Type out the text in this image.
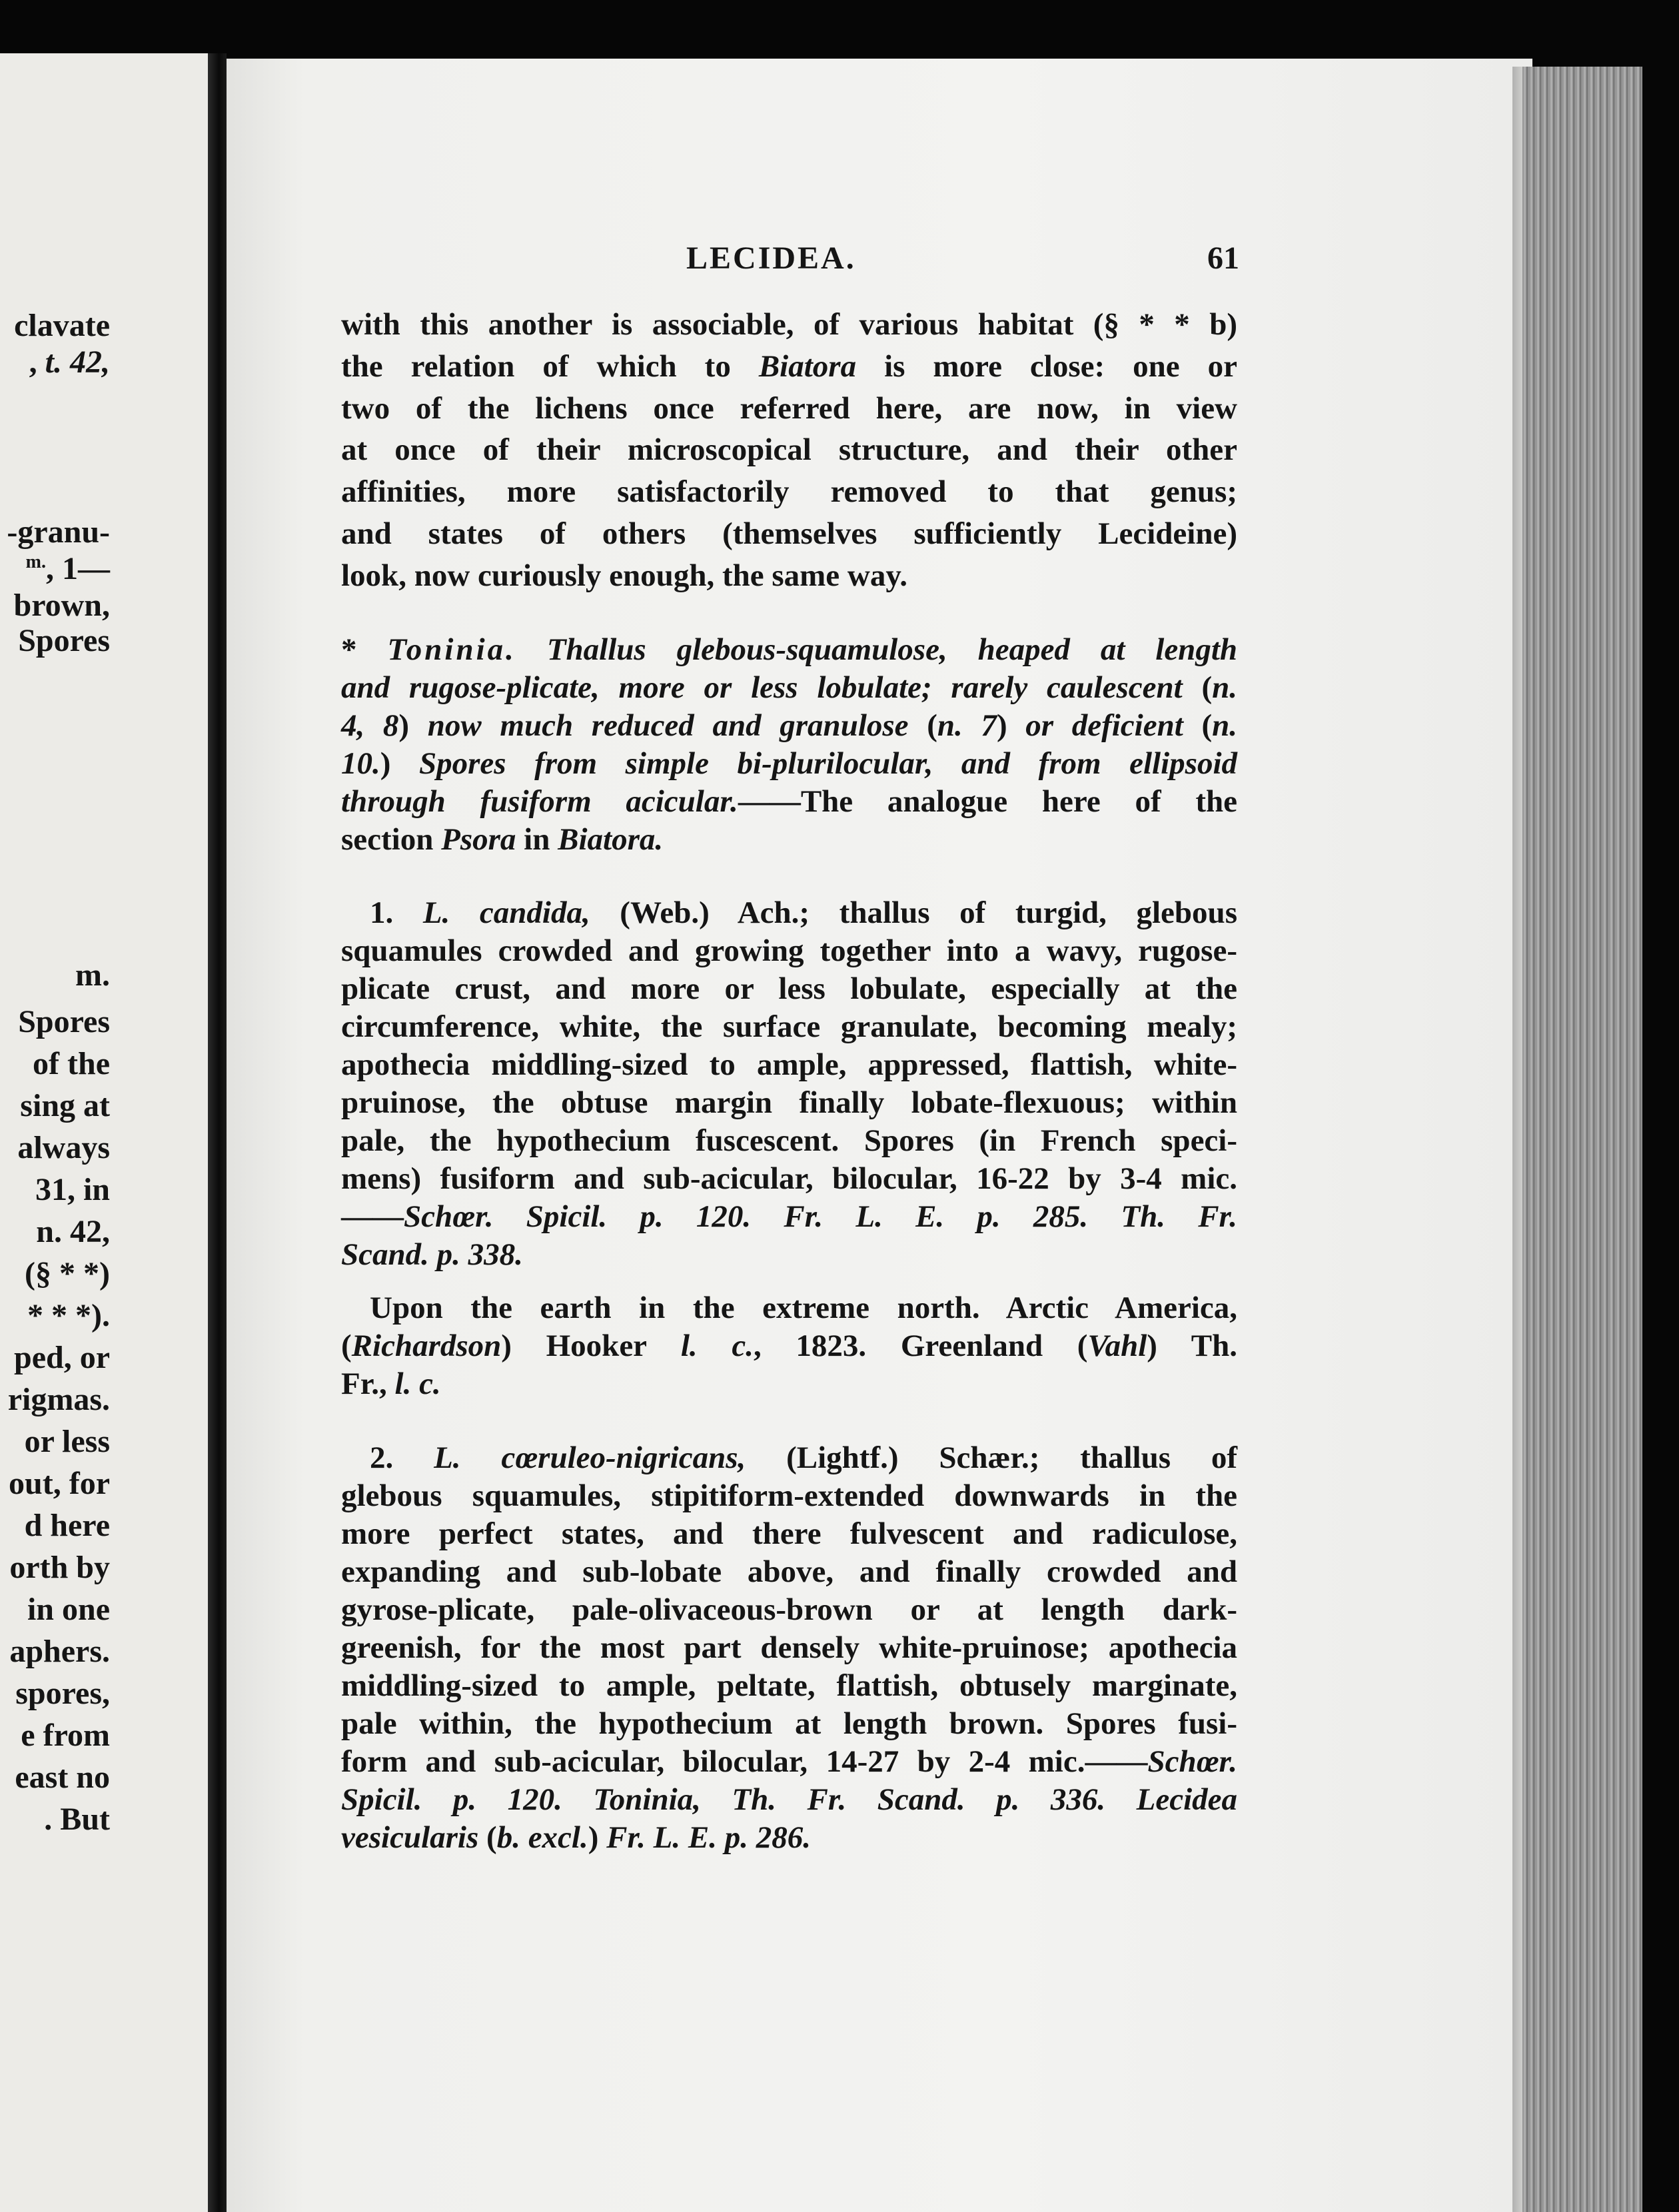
clavate
, t. 42,
-granu-
$^{m.}$, 1—
brown,
Spores
m.
Spores
of the
sing at
always
31, in
n. 42,
(§ * *)
* * *).
ped, or
rigmas.
or less
out, for
d here
orth by
in one
aphers.
spores,
e from
east no
. But
LECIDEA.	61
with this another is associable, of various habitat (§ * * b)
the relation of which to Biatora is more close: one or
two of the lichens once referred here, are now, in view
at once of their microscopical structure, and their other
affinities, more satisfactorily removed to that genus;
and states of others (themselves sufficiently Lecideine)
look, now curiously enough, the same way.
* Toninia. Thallus glebous-squamulose, heaped at length
and rugose-plicate, more or less lobulate; rarely caulescent (n.
4, 8) now much reduced and granulose (n. 7) or deficient (n.
10.) Spores from simple bi-plurilocular, and from ellipsoid
through fusiform acicular.——The analogue here of the
section Psora in Biatora.
1. L. candida, (Web.) Ach.; thallus of turgid, glebous
squamules crowded and growing together into a wavy, rugose-
plicate crust, and more or less lobulate, especially at the
circumference, white, the surface granulate, becoming mealy;
apothecia middling-sized to ample, appressed, flattish, white-
pruinose, the obtuse margin finally lobate-flexuous; within
pale, the hypothecium fuscescent. Spores (in French speci-
mens) fusiform and sub-acicular, bilocular, 16-22 by 3-4 mic.
——Schœr. Spicil. p. 120. Fr. L. E. p. 285. Th. Fr.
Scand. p. 338.
Upon the earth in the extreme north. Arctic America,
(Richardson) Hooker l. c., 1823. Greenland (Vahl) Th.
Fr., l. c.
2. L. cœruleo-nigricans, (Lightf.) Schær.; thallus of
glebous squamules, stipitiform-extended downwards in the
more perfect states, and there fulvescent and radiculose,
expanding and sub-lobate above, and finally crowded and
gyrose-plicate, pale-olivaceous-brown or at length dark-
greenish, for the most part densely white-pruinose; apothecia
middling-sized to ample, peltate, flattish, obtusely marginate,
pale within, the hypothecium at length brown. Spores fusi-
form and sub-acicular, bilocular, 14-27 by 2-4 mic.——Schœr.
Spicil. p. 120. Toninia, Th. Fr. Scand. p. 336. Lecidea
vesicularis (b. excl.) Fr. L. E. p. 286.
